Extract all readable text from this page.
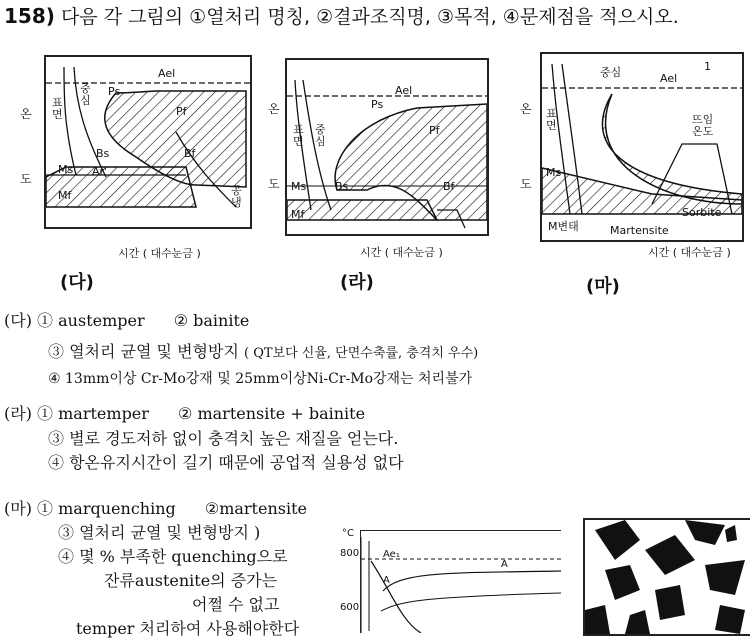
158) 다음 각 그림의 ①열처리 명칭, ②결과조직명, ③목적, ④문제점을 적으시오.
온
도
Ael
Ps
Pf
Bs	Bf
Ms Ar'
Mf
표
면
중
심
공
냉
시간 ( 대수눈금 )
(다)
온
도
Ael
Ps
Pf
Bs	Bf
Ms
Mf
표
면
중
심
시간 ( 대수눈금 )
(라)
온
도
중심	Ael
1
표
면	뜨임
온도
Ms
M변태
Sorbite
Martensite
시간 ( 대수눈금 )
(마)
(다) ① austemper ② bainite
③ 열처리 균열 및 변형방지 ( QT보다 신율, 단면수축률, 충격치 우수)
④ 13mm이상 Cr-Mo강재 및 25mm이상Ni-Cr-Mo강재는 처리불가
(라) ① martemper ② martensite + bainite
③ 별로 경도저하 없이 충격치 높은 재질을 얻는다.
④ 항온유지시간이 길기 때문에 공업적 실용성 없다
(마) ① marquenching ②martensite
③ 열처리 균열 및 변형방지 )
④ 몇 % 부족한 quenching으로
잔류austenite의 증가는
어쩔 수 없고
temper 처리하여 사용해야한다
°C
800
600
Ae₁
A
A
